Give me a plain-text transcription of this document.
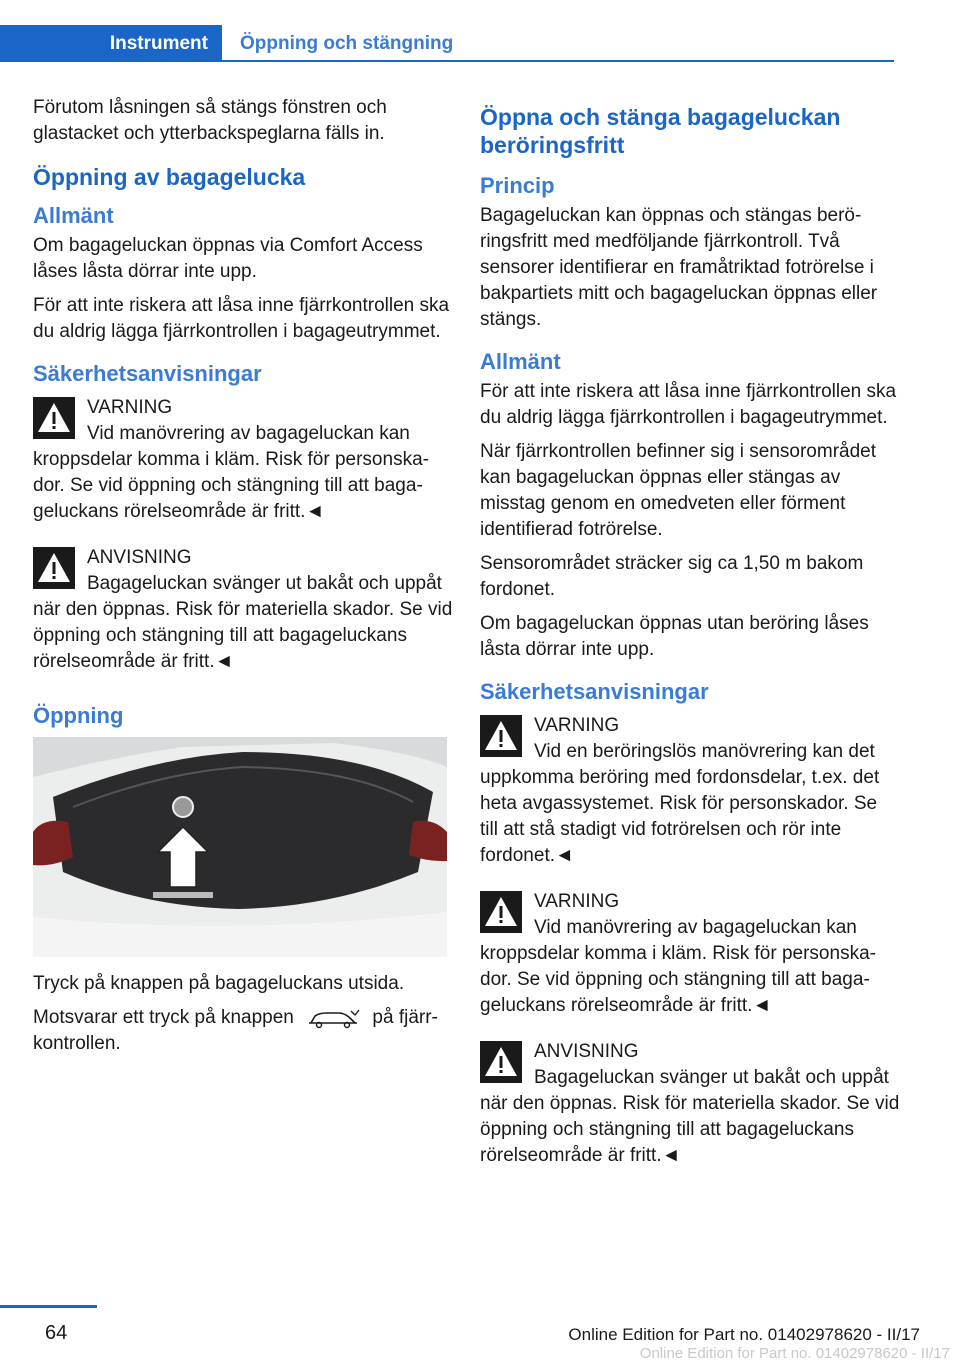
Instrument	Öppning och stängning

Förutom låsningen så stängs fönstren och glastacket och ytterbackspeglarna fälls in.

Öppning av bagagelucka
Allmänt

Om bagageluckan öppnas via Comfort Access låses låsta dörrar inte upp.

För att inte riskera att låsa inne fjärrkontrollen ska du aldrig lägga fjärrkontrollen i bagageutrymmet.

Säkerhetsanvisningar
VARNING
Vid manövrering av bagageluckan kan kroppsdelar komma i kläm. Risk för personskador. Se vid öppning och stängning till att bagageluckans rörelseområde är fritt.◄
ANVISNING
Bagageluckan svänger ut bakåt och uppåt när den öppnas. Risk för materiella skador. Se vid öppning och stängning till att bagageluckans rörelseområde är fritt.◄
Öppning

Tryck på knappen på bagageluckans utsida.

Motsvarar ett tryck på knappen	på fjärrkontrollen.

Öppna och stänga bagageluckan beröringsfritt
Princip

Bagageluckan kan öppnas och stängas beröringsfritt med medföljande fjärrkontroll. Två sensorer identifierar en framåtriktad fotrörelse i bakpartiets mitt och bagageluckan öppnas eller stängs.

Allmänt

För att inte riskera att låsa inne fjärrkontrollen ska du aldrig lägga fjärrkontrollen i bagageutrymmet.

När fjärrkontrollen befinner sig i sensorområdet kan bagageluckan öppnas eller stängas av misstag genom en omedveten eller förment identifierad fotrörelse.

Sensorområdet sträcker sig ca 1,50 m bakom fordonet.

Om bagageluckan öppnas utan beröring låses låsta dörrar inte upp.

Säkerhetsanvisningar
VARNING
Vid en beröringslös manövrering kan det uppkomma beröring med fordonsdelar, t.ex. det heta avgassystemet. Risk för personskador. Se till att stå stadigt vid fotrörelsen och rör inte fordonet.◄
VARNING
Vid manövrering av bagageluckan kan kroppsdelar komma i kläm. Risk för personskador. Se vid öppning och stängning till att bagageluckans rörelseområde är fritt.◄
ANVISNING
Bagageluckan svänger ut bakåt och uppåt när den öppnas. Risk för materiella skador. Se vid öppning och stängning till att bagageluckans rörelseområde är fritt.◄
64	Online Edition for Part no. 01402978620 - II/17
Online Edition for Part no. 01402978620 - II/17
